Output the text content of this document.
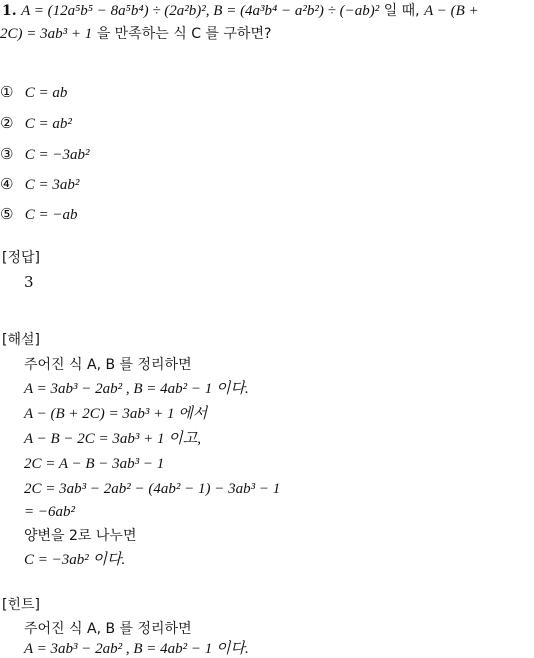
1. A = (12a⁵b⁵ − 8a⁵b⁴) ÷ (2a²b)², B = (4a³b⁴ − a²b²) ÷ (−ab)² 일 때, A − (B +
2C) = 3ab³ + 1 을 만족하는 식 C 를 구하면?
① C = ab
② C = ab²
③ C = −3ab²
④ C = 3ab²
⑤ C = −ab
[정답]
3
[해설]
주어진 식 A, B 를 정리하면
A = 3ab³ − 2ab² , B = 4ab² − 1 이다.
A − (B + 2C) = 3ab³ + 1 에서
A − B − 2C = 3ab³ + 1 이고,
2C = A − B − 3ab³ − 1
2C = 3ab³ − 2ab² − (4ab² − 1) − 3ab³ − 1
= −6ab²
양변을 2로 나누면
C = −3ab² 이다.
[힌트]
주어진 식 A, B 를 정리하면
A = 3ab³ − 2ab² , B = 4ab² − 1 이다.
